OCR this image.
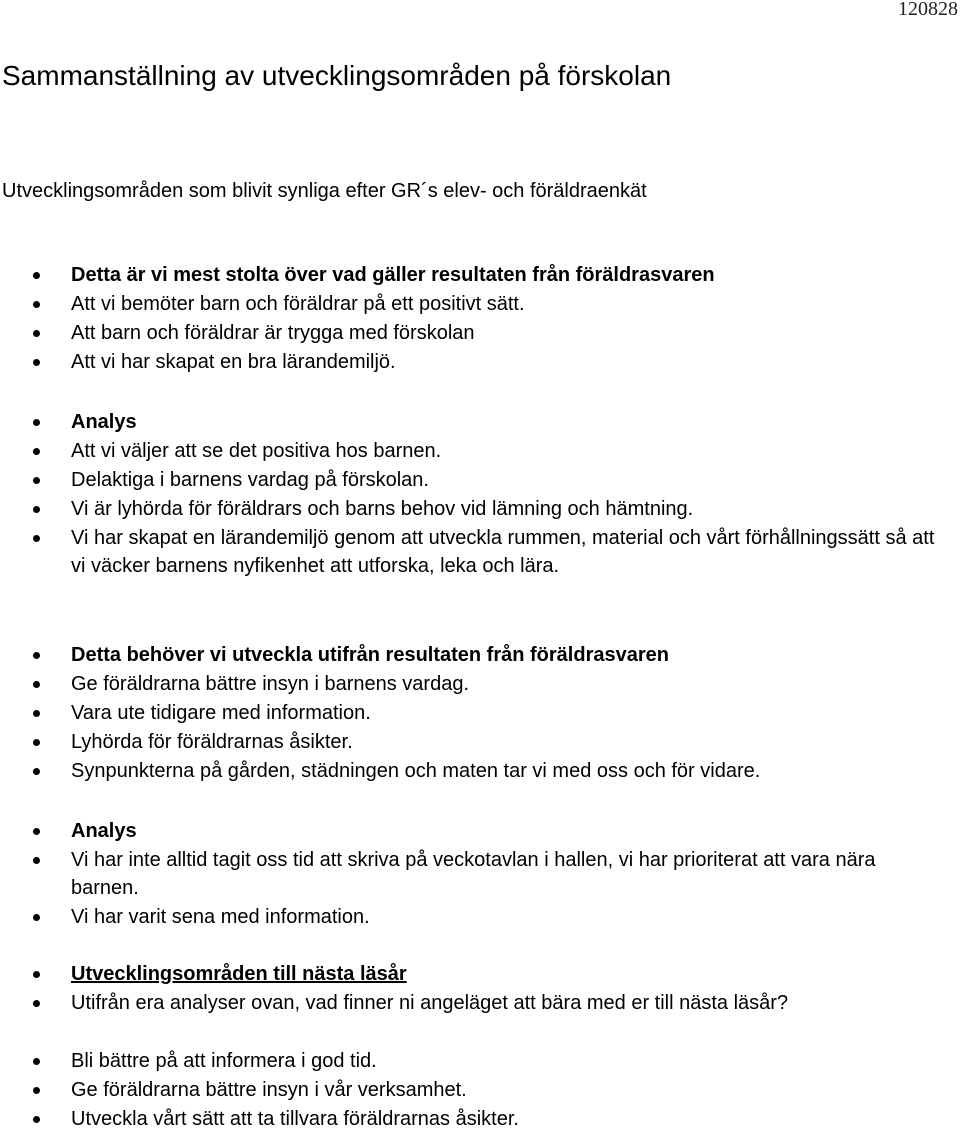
120828
Sammanställning av utvecklingsområden på förskolan
Utvecklingsområden som blivit synliga efter GR´s elev- och föräldraenkät
Detta är vi mest stolta över vad gäller resultaten från föräldrasvaren
Att vi bemöter barn och föräldrar på ett positivt sätt.
Att barn och föräldrar är trygga med förskolan
Att vi har skapat en bra lärandemiljö.
Analys
Att vi väljer att se det positiva hos barnen.
Delaktiga i barnens vardag på förskolan.
Vi är lyhörda för föräldrars och barns behov vid lämning och hämtning.
Vi har skapat en lärandemiljö genom att utveckla rummen, material och vårt förhållningssätt så att vi väcker barnens nyfikenhet att utforska, leka och lära.
Detta behöver vi utveckla utifrån resultaten från föräldrasvaren
Ge föräldrarna bättre insyn i barnens vardag.
Vara ute tidigare med information.
Lyhörda för föräldrarnas åsikter.
Synpunkterna på gården, städningen och maten tar vi med oss och för vidare.
Analys
Vi har inte alltid tagit oss tid att skriva på veckotavlan i hallen, vi har prioriterat att vara nära barnen.
Vi har varit sena med information.
Utvecklingsområden till nästa läsår
Utifrån era analyser ovan, vad finner ni angeläget att bära med er till nästa läsår?
Bli bättre på att informera i god tid.
Ge föräldrarna bättre insyn i vår verksamhet.
Utveckla vårt sätt att ta tillvara föräldrarnas åsikter.
